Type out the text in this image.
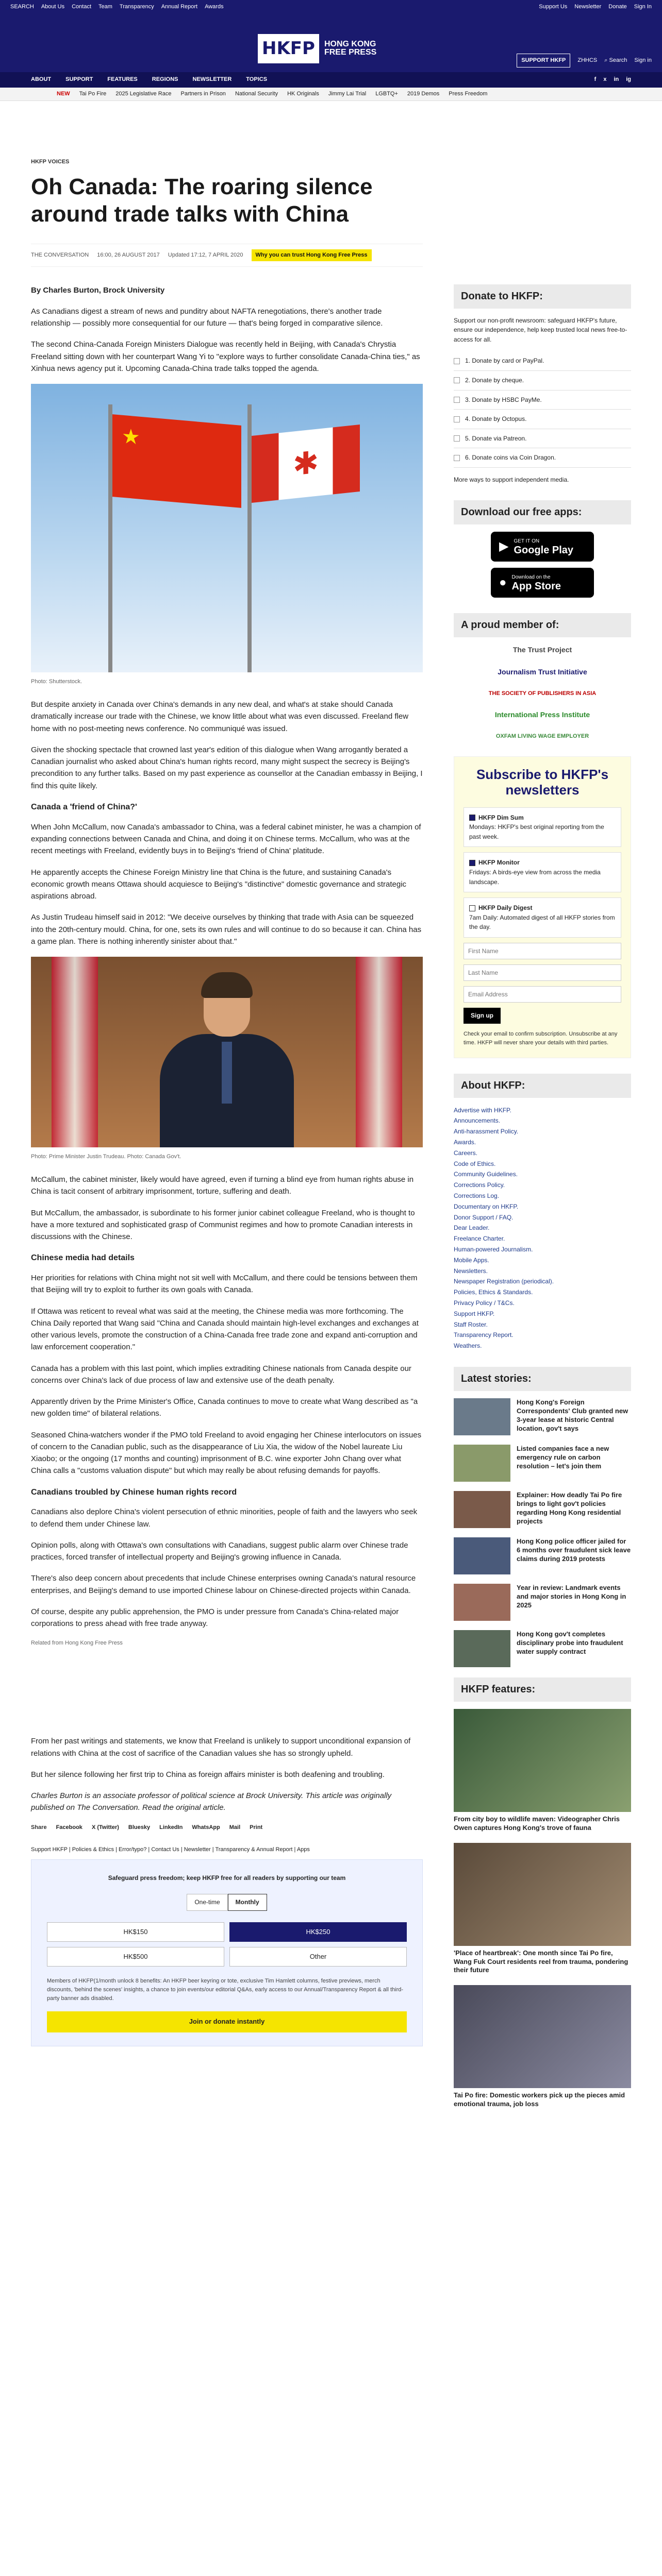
SEARCH About Us Contact Team Transparency Annual Report Awards	Support Us Newsletter Donate Sign In
HKFP	HONG KONG
FREE PRESS
SUPPORT HKFP	ZHHCS ⌕ Search Sign in
ABOUT	SUPPORT	FEATURES	REGIONS	NEWSLETTER	TOPICS	f x in ig
NEW Tai Po Fire 2025 Legislative Race Partners in Prison National Security HK Originals Jimmy Lai Trial LGBTQ+ 2019 Demos Press Freedom
HKFP VOICES
Oh Canada: The roaring silence around trade talks with China
THE CONVERSATION 16:00, 26 AUGUST 2017 Updated 17:12, 7 APRIL 2020	Why you can trust Hong Kong Free Press

By Charles Burton, Brock University

As Canadians digest a stream of news and punditry about NAFTA renegotiations, there's another trade relationship — possibly more consequential for our future — that's being forged in comparative silence.

The second China-Canada Foreign Ministers Dialogue was recently held in Beijing, with Canada's Chrystia Freeland sitting down with her counterpart Wang Yi to "explore ways to further consolidate Canada-China ties," as Xinhua news agency put it. Upcoming Canada-China trade talks topped the agenda.

★
✱
Photo: Shutterstock.

But despite anxiety in Canada over China's demands in any new deal, and what's at stake should Canada dramatically increase our trade with the Chinese, we know little about what was even discussed. Freeland flew home with no post-meeting news conference. No communiqué was issued.

Given the shocking spectacle that crowned last year's edition of this dialogue when Wang arrogantly berated a Canadian journalist who asked about China's human rights record, many might suspect the secrecy is Beijing's precondition to any further talks. Based on my past experience as counsellor at the Canadian embassy in Beijing, I find this quite likely.

Canada a 'friend of China?'

When John McCallum, now Canada's ambassador to China, was a federal cabinet minister, he was a champion of expanding connections between Canada and China, and doing it on Chinese terms. McCallum, who was at the recent meetings with Freeland, evidently buys in to Beijing's 'friend of China' platitude.

He apparently accepts the Chinese Foreign Ministry line that China is the future, and sustaining Canada's economic growth means Ottawa should acquiesce to Beijing's "distinctive" domestic governance and strategic aspirations abroad.

As Justin Trudeau himself said in 2012: "We deceive ourselves by thinking that trade with Asia can be squeezed into the 20th-century mould. China, for one, sets its own rules and will continue to do so because it can. China has a game plan. There is nothing inherently sinister about that."

Photo: Prime Minister Justin Trudeau. Photo: Canada Gov't.

McCallum, the cabinet minister, likely would have agreed, even if turning a blind eye from human rights abuse in China is tacit consent of arbitrary imprisonment, torture, suffering and death.

But McCallum, the ambassador, is subordinate to his former junior cabinet colleague Freeland, who is thought to have a more textured and sophisticated grasp of Communist regimes and how to promote Canadian interests in discussions with the Chinese.

Chinese media had details

Her priorities for relations with China might not sit well with McCallum, and there could be tensions between them that Beijing will try to exploit to further its own goals with Canada.

If Ottawa was reticent to reveal what was said at the meeting, the Chinese media was more forthcoming. The China Daily reported that Wang said "China and Canada should maintain high-level exchanges and exchanges at other various levels, promote the construction of a China-Canada free trade zone and expand anti-corruption and law enforcement cooperation."

Canada has a problem with this last point, which implies extraditing Chinese nationals from Canada despite our concerns over China's lack of due process of law and extensive use of the death penalty.

Apparently driven by the Prime Minister's Office, Canada continues to move to create what Wang described as "a new golden time" of bilateral relations.

Seasoned China-watchers wonder if the PMO told Freeland to avoid engaging her Chinese interlocutors on issues of concern to the Canadian public, such as the disappearance of Liu Xia, the widow of the Nobel laureate Liu Xiaobo; or the ongoing (17 months and counting) imprisonment of B.C. wine exporter John Chang over what China calls a "customs valuation dispute" but which may really be about refusing demands for payoffs.

Canadians troubled by Chinese human rights record

Canadians also deplore China's violent persecution of ethnic minorities, people of faith and the lawyers who seek to defend them under Chinese law.

Opinion polls, along with Ottawa's own consultations with Canadians, suggest public alarm over Chinese trade practices, forced transfer of intellectual property and Beijing's growing influence in Canada.

There's also deep concern about precedents that include Chinese enterprises owning Canada's natural resource enterprises, and Beijing's demand to use imported Chinese labour on Chinese-directed projects within Canada.

Of course, despite any public apprehension, the PMO is under pressure from Canada's China-related major corporations to press ahead with free trade anyway.

Related from Hong Kong Free Press

From her past writings and statements, we know that Freeland is unlikely to support unconditional expansion of relations with China at the cost of sacrifice of the Canadian values she has so strongly upheld.

But her silence following her first trip to China as foreign affairs minister is both deafening and troubling.

Charles Burton is an associate professor of political science at Brock University. This article was originally published on The Conversation. Read the original article.

Share Facebook X (Twitter) Bluesky LinkedIn WhatsApp Mail Print
Support HKFP | Policies & Ethics | Error/typo? | Contact Us | Newsletter | Transparency & Annual Report | Apps
Safeguard press freedom; keep HKFP free for all readers by supporting our team
One-time	Monthly
HK$150	HK$250
HK$500	Other
Members of HKFP(1/month unlock 8 benefits: An HKFP beer keyring or tote, exclusive Tim Hamlett columns, festive previews, merch discounts, 'behind the scenes' insights, a chance to join events/our editorial Q&As, early access to our Annual/Transparency Report & all third-party banner ads disabled.
Join or donate instantly
Donate to HKFP:

Support our non-profit newsroom: safeguard HKFP's future, ensure our independence, help keep trusted local news free-to-access for all.

1. Donate by card or PayPal.
2. Donate by cheque.
3. Donate by HSBC PayMe.
4. Donate by Octopus.
5. Donate via Patreon.
6. Donate coins via Coin Dragon.

More ways to support independent media.

Download our free apps:
▶ GET IT ON
Google Play
● Download on the
App Store
A proud member of:
The Trust Project
Journalism Trust Initiative
THE SOCIETY OF PUBLISHERS IN ASIA
International Press Institute
OXFAM LIVING WAGE EMPLOYER
Subscribe to HKFP's newsletters
HKFP Dim Sum
Mondays: HKFP's best original reporting from the past week.
HKFP Monitor
Fridays: A birds-eye view from across the media landscape.
HKFP Daily Digest
7am Daily: Automated digest of all HKFP stories from the day.
First Name Last Name Email Address Sign up
Check your email to confirm subscription. Unsubscribe at any time. HKFP will never share your details with third parties.
About HKFP:
Advertise with HKFP.
Announcements.
Anti-harassment Policy.
Awards.
Careers.
Code of Ethics.
Community Guidelines.
Corrections Policy.
Corrections Log.
Documentary on HKFP.
Donor Support / FAQ.
Dear Leader.
Freelance Charter.
Human-powered Journalism.
Mobile Apps.
Newsletters.
Newspaper Registration (periodical).
Policies, Ethics & Standards.
Privacy Policy / T&Cs.
Support HKFP.
Staff Roster.
Transparency Report.
Weathers.
Latest stories:
Hong Kong's Foreign Correspondents' Club granted new 3-year lease at historic Central location, gov't says
Listed companies face a new emergency rule on carbon resolution – let's join them
Explainer: How deadly Tai Po fire brings to light gov't policies regarding Hong Kong residential projects
Hong Kong police officer jailed for 6 months over fraudulent sick leave claims during 2019 protests
Year in review: Landmark events and major stories in Hong Kong in 2025
Hong Kong gov't completes disciplinary probe into fraudulent water supply contract
HKFP features:
From city boy to wildlife maven: Videographer Chris Owen captures Hong Kong's trove of fauna
'Place of heartbreak': One month since Tai Po fire, Wang Fuk Court residents reel from trauma, pondering their future
Tai Po fire: Domestic workers pick up the pieces amid emotional trauma, job loss
